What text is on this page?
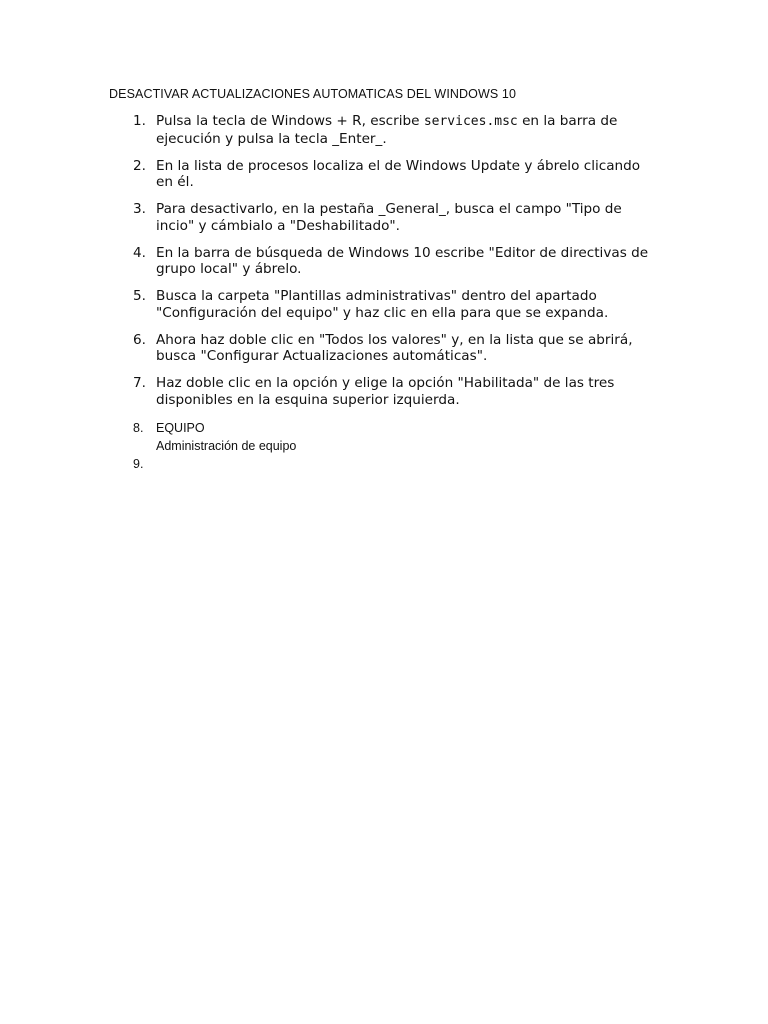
DESACTIVAR ACTUALIZACIONES AUTOMATICAS DEL WINDOWS 10
1. Pulsa la tecla de Windows + R, escribe services.msc en la barra de ejecución y pulsa la tecla _Enter_.
2. En la lista de procesos localiza el de Windows Update y ábrelo clicando en él.
3. Para desactivarlo, en la pestaña _General_, busca el campo "Tipo de incio" y cámbialo a "Deshabilitado".
4. En la barra de búsqueda de Windows 10 escribe "Editor de directivas de grupo local" y ábrelo.
5. Busca la carpeta "Plantillas administrativas" dentro del apartado "Configuración del equipo" y haz clic en ella para que se expanda.
6. Ahora haz doble clic en "Todos los valores" y, en la lista que se abrirá, busca "Configurar Actualizaciones automáticas".
7. Haz doble clic en la opción y elige la opción "Habilitada" de las tres disponibles en la esquina superior izquierda.
8. EQUIPO
Administración de equipo
9.
